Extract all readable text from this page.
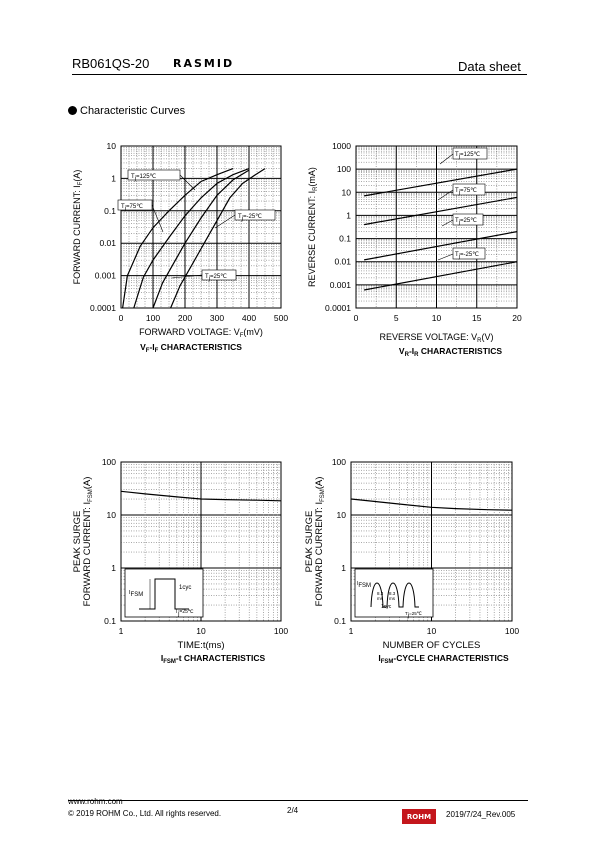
RB061QS-20 RASMID	Data sheet
Characteristic Curves
10
1
0.1
0.01
0.001
0.0001
0	100 200 300 400 500
Tj=125℃
Tj=75℃
Tj=-25℃
Tj=25℃
FORWARD VOLTAGE: $V_F(mV)$
FORWARD CURRENT: $I_F(A)$
$V_F-I_F$ CHARACTERISTICS
1000
100
10
1
0.1
0.01
0.001
0.0001
0	5	10	15	20
Tj=125℃
Tj=75℃
Tj=25℃
Tj=-25℃
REVERSE VOLTAGE: $V_R(V)$
REVERSE CURRENT: $I_R(mA)$
$V_R-I_R$ CHARACTERISTICS
100
10
1
0.1
1	10	100
TIME:t(ms)
PEAK SURGE FORWARD CURRENT: $I_{FSM}(A)$
$I_{FSM}-t$ CHARACTERISTICS
IFSM
1cyc
Tj=25℃
100
10
1
0.1
1	10	100
NUMBER OF CYCLES
PEAK SURGE FORWARD CURRENT: $I_{FSM}(A)$
$I_{FSM}$-CYCLE CHARACTERISTICS
IFSM
8.3
ms
8.3
ms
1cyc
Tj=25℃
www.rohm.com
© 2019 ROHM Co., Ltd. All rights reserved.	2/4
ROHM	2019/7/24_Rev.005
